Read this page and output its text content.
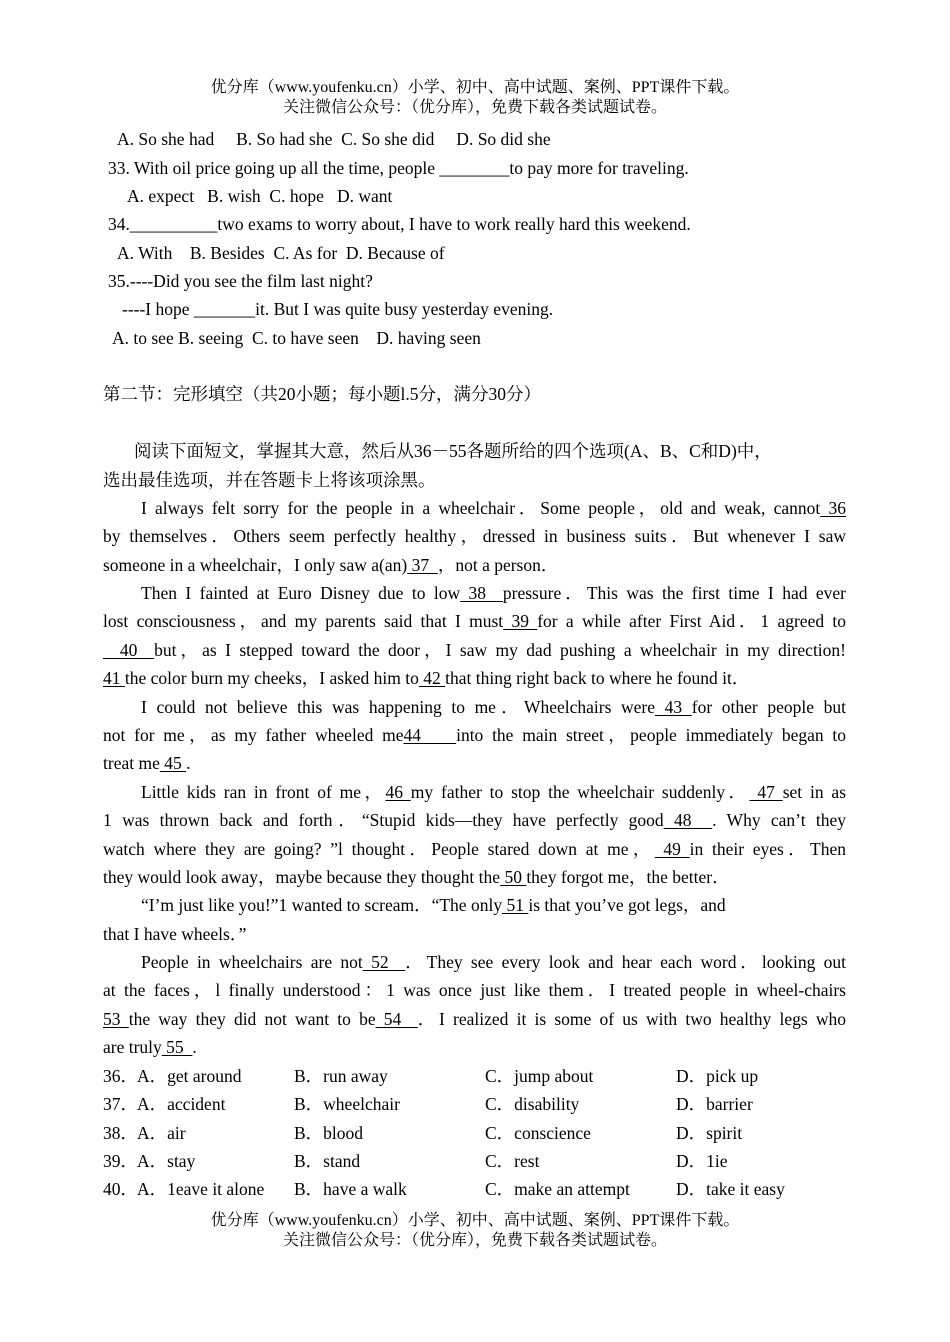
优分库（www.youfenku.cn）小学、初中、高中试题、案例、PPT课件下载。
关注微信公众号：（优分库），免费下载各类试题试卷。
A. So she had     B. So had she  C. So she did     D. So did she
33. With oil price going up all the time, people ________to pay more for traveling.
A. expect   B. wish  C. hope   D. want
34.__________two exams to worry about, I have to work really hard this weekend.
A. With    B. Besides  C. As for  D. Because of
35.----Did you see the film last night?
----I hope _______it. But I was quite busy yesterday evening.
A. to see B. seeing  C. to have seen    D. having seen
第二节：完形填空（共20小题；每小题l.5分，满分30分）
阅读下面短文，掌握其大意，然后从36－55各题所给的四个选项(A、B、C和D)中，
选出最佳选项，并在答题卡上将该项涂黑。
I always felt sorry for the people in a wheelchair．Some people，old and weak, cannot 36
by themselves．Others seem perfectly healthy，dressed in business suits．But whenever I saw
someone in a wheelchair，I only saw a(an) 37  ，not a person．
Then I fainted at Euro Disney due to low 38  pressure．This was the first time I had ever
lost consciousness，and my parents said that I must 39 for a while after First Aid．1 agreed to
40  but，as I stepped toward the door，I saw my dad pushing a wheelchair in my direction!
41 the color burn my cheeks，I asked him to 42 that thing right back to where he found it．
I could not believe this was happening to me．Wheelchairs were 43 for other people but
not for me，as my father wheeled me44    into the main street，people immediately began to
treat me 45 .
Little kids ran in front of me，46 my father to stop the wheelchair suddenly． 47 set in as
1 was thrown back and forth．“Stupid kids—they have perfectly good 48  . Why can’t they
watch where they are going? ”l thought．People stared down at me， 49 in their eyes．Then
they would look away，maybe because they thought the 50 they forgot me，the better．
“I’m just like you!”1 wanted to scream．“The only 51 is that you’ve got legs，and
that I have wheels．”
People in wheelchairs are not 52  ．They see every look and hear each word．looking out
at the faces，l finally understood：1 was once just like them．I treated people in wheel-chairs
53 the way they did not want to be 54  ．I realized it is some of us with two healthy legs who
are truly 55  .
36． A．get around	B．run away	C．jump about	D．pick up
37． A．accident	B．wheelchair	C．disability	D．barrier
38． A．air	B．blood	C．conscience	D．spirit
39． A．stay	B．stand	C．rest	D．1ie
40． A．1eave it alone B．have a walk	C．make an attempt	D．take it easy
优分库（www.youfenku.cn）小学、初中、高中试题、案例、PPT课件下载。
关注微信公众号：（优分库），免费下载各类试题试卷。
